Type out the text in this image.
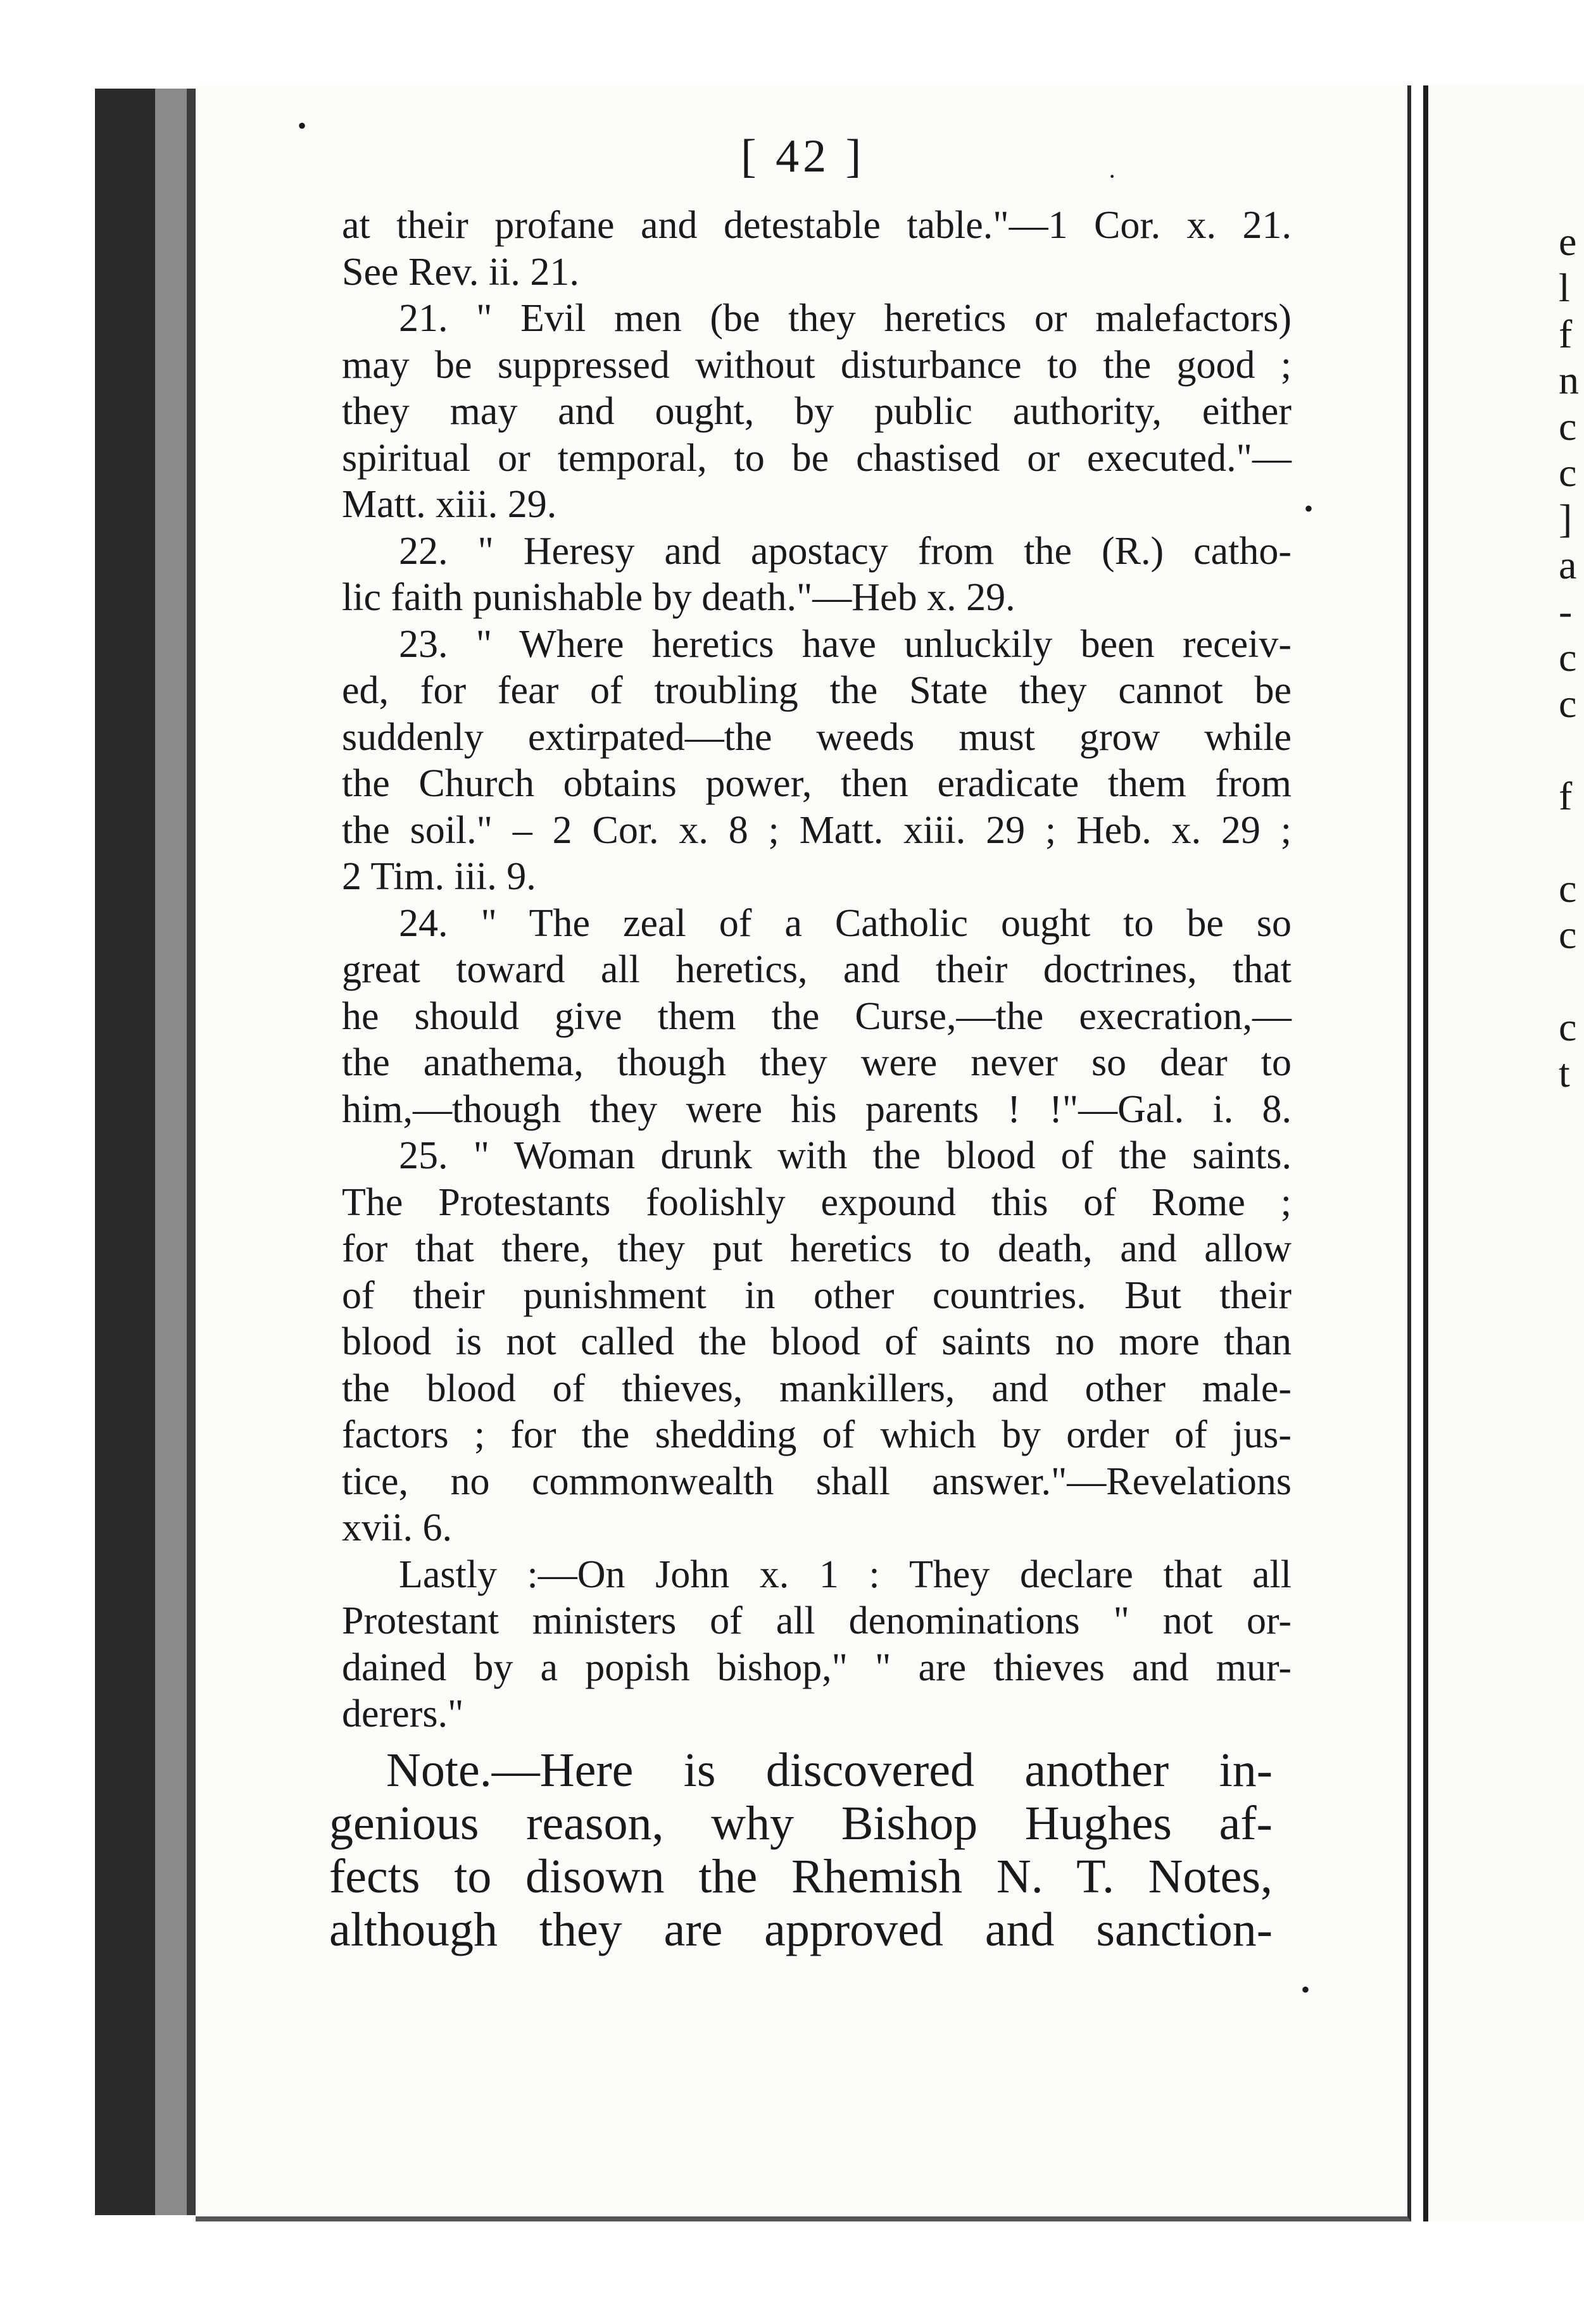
e
l
f
n
c
c
]
a
-
c
c
f
c
c
c
t
[ 42 ]
at their profane and detestable table."—1 Cor. x. 21.
See Rev. ii. 21.
21. " Evil men (be they heretics or malefactors)
may be suppressed without disturbance to the good ;
they may and ought, by public authority, either
spiritual or temporal, to be chastised or executed."—
Matt. xiii. 29.
22. " Heresy and apostacy from the (R.) catho-
lic faith punishable by death."—Heb x. 29.
23. " Where heretics have unluckily been receiv-
ed, for fear of troubling the State they cannot be
suddenly extirpated—the weeds must grow while
the Church obtains power, then eradicate them from
the soil." – 2 Cor. x. 8 ; Matt. xiii. 29 ; Heb. x. 29 ;
2 Tim. iii. 9.
24. " The zeal of a Catholic ought to be so
great toward all heretics, and their doctrines, that
he should give them the Curse,—the execration,—
the anathema, though they were never so dear to
him,—though they were his parents ! !"—Gal. i. 8.
25. " Woman drunk with the blood of the saints.
The Protestants foolishly expound this of Rome ;
for that there, they put heretics to death, and allow
of their punishment in other countries. But their
blood is not called the blood of saints no more than
the blood of thieves, mankillers, and other male-
factors ; for the shedding of which by order of jus-
tice, no commonwealth shall answer."—Revelations
xvii. 6.
Lastly :—On John x. 1 : They declare that all
Protestant ministers of all denominations " not or-
dained by a popish bishop," " are thieves and mur-
derers."
Note.—Here is discovered another in-
genious reason, why Bishop Hughes af-
fects to disown the Rhemish N. T. Notes,
although they are approved and sanction-
•
·
•
•
